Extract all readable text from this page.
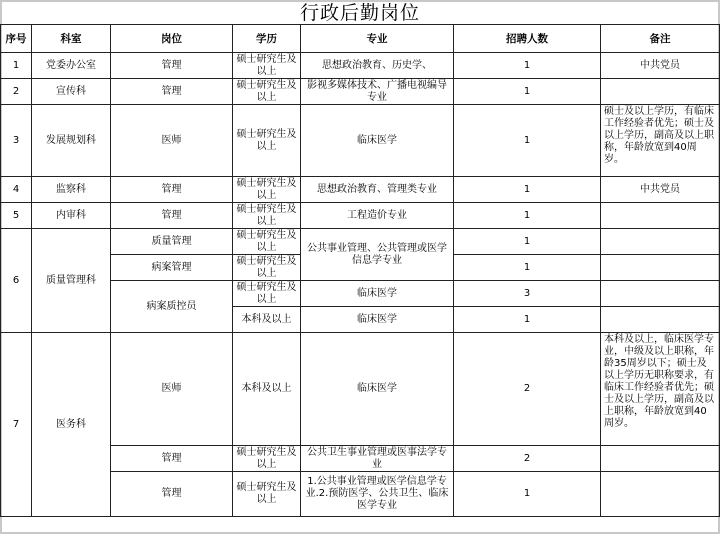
行政后勤岗位
序号	科室	岗位	学历	专业	招聘人数	备注
1	党委办公室	管理	硕士研究生及以上	思想政治教育、历史学、	1	中共党员
2	宣传科	管理	硕士研究生及以上	影视多媒体技术、广播电视编导专业	1	
3	发展规划科	医师	硕士研究生及以上	临床医学	1	硕士及以上学历，有临床工作经验者优先；硕士及以上学历，副高及以上职称，年龄放宽到40周岁。
4	监察科	管理	硕士研究生及以上	思想政治教育、管理类专业	1	中共党员
5	内审科	管理	硕士研究生及以上	工程造价专业	1	
6	质量管理科	质量管理	硕士研究生及以上	公共事业管理、公共管理或医学信息学专业	1	
		病案管理	硕士研究生及以上		1	
		病案质控员	硕士研究生及以上	临床医学	3	
			本科及以上	临床医学	1	
7	医务科	医师	本科及以上	临床医学	2	本科及以上，临床医学专业，中级及以上职称，年龄35周岁以下；硕士及以上学历无职称要求，有临床工作经验者优先；硕士及以上学历，副高及以上职称，年龄放宽到40周岁。
		管理	硕士研究生及以上	公共卫生事业管理或医事法学专业	2	
		管理	硕士研究生及以上	1.公共事业管理或医学信息学专业.2.预防医学、公共卫生、临床医学专业	1	
